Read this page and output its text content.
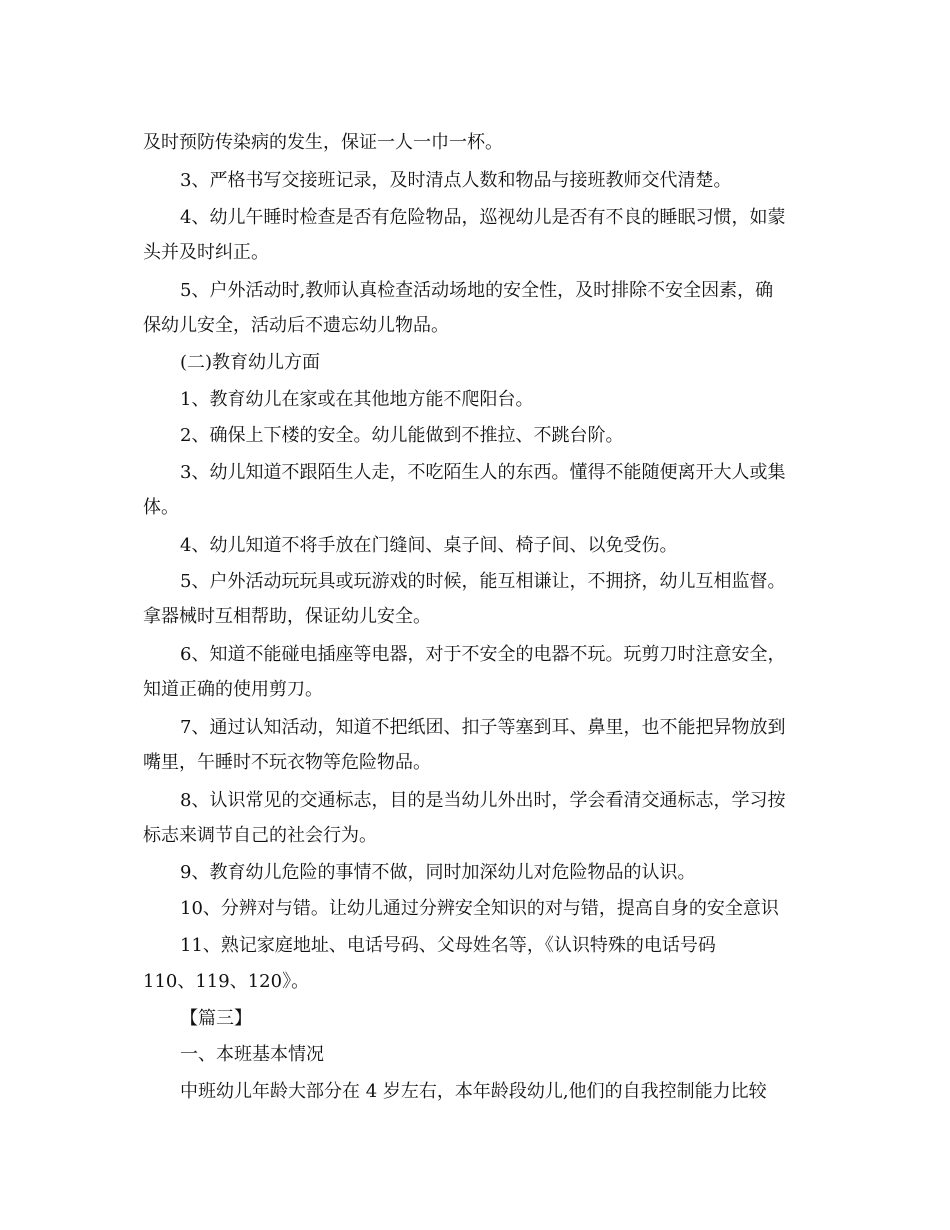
及时预防传染病的发生，保证一人一巾一杯。
3、严格书写交接班记录，及时清点人数和物品与接班教师交代清楚。
4、幼儿午睡时检查是否有危险物品，巡视幼儿是否有不良的睡眠习惯，如蒙
头并及时纠正。
5、户外活动时,教师认真检查活动场地的安全性，及时排除不安全因素，确
保幼儿安全，活动后不遗忘幼儿物品。
(二)教育幼儿方面
1、教育幼儿在家或在其他地方能不爬阳台。
2、确保上下楼的安全。幼儿能做到不推拉、不跳台阶。
3、幼儿知道不跟陌生人走，不吃陌生人的东西。懂得不能随便离开大人或集
体。
4、幼儿知道不将手放在门缝间、桌子间、椅子间、以免受伤。
5、户外活动玩玩具或玩游戏的时候，能互相谦让，不拥挤，幼儿互相监督。
拿器械时互相帮助，保证幼儿安全。
6、知道不能碰电插座等电器，对于不安全的电器不玩。玩剪刀时注意安全，
知道正确的使用剪刀。
7、通过认知活动，知道不把纸团、扣子等塞到耳、鼻里，也不能把异物放到
嘴里，午睡时不玩衣物等危险物品。
8、认识常见的交通标志，目的是当幼儿外出时，学会看清交通标志，学习按
标志来调节自己的社会行为。
9、教育幼儿危险的事情不做，同时加深幼儿对危险物品的认识。
10、分辨对与错。让幼儿通过分辨安全知识的对与错，提高自身的安全意识
11、熟记家庭地址、电话号码、父母姓名等，《认识特殊的电话号码
110、119、120》。
【篇三】
一、本班基本情况
中班幼儿年龄大部分在 4 岁左右，本年龄段幼儿,他们的自我控制能力比较
